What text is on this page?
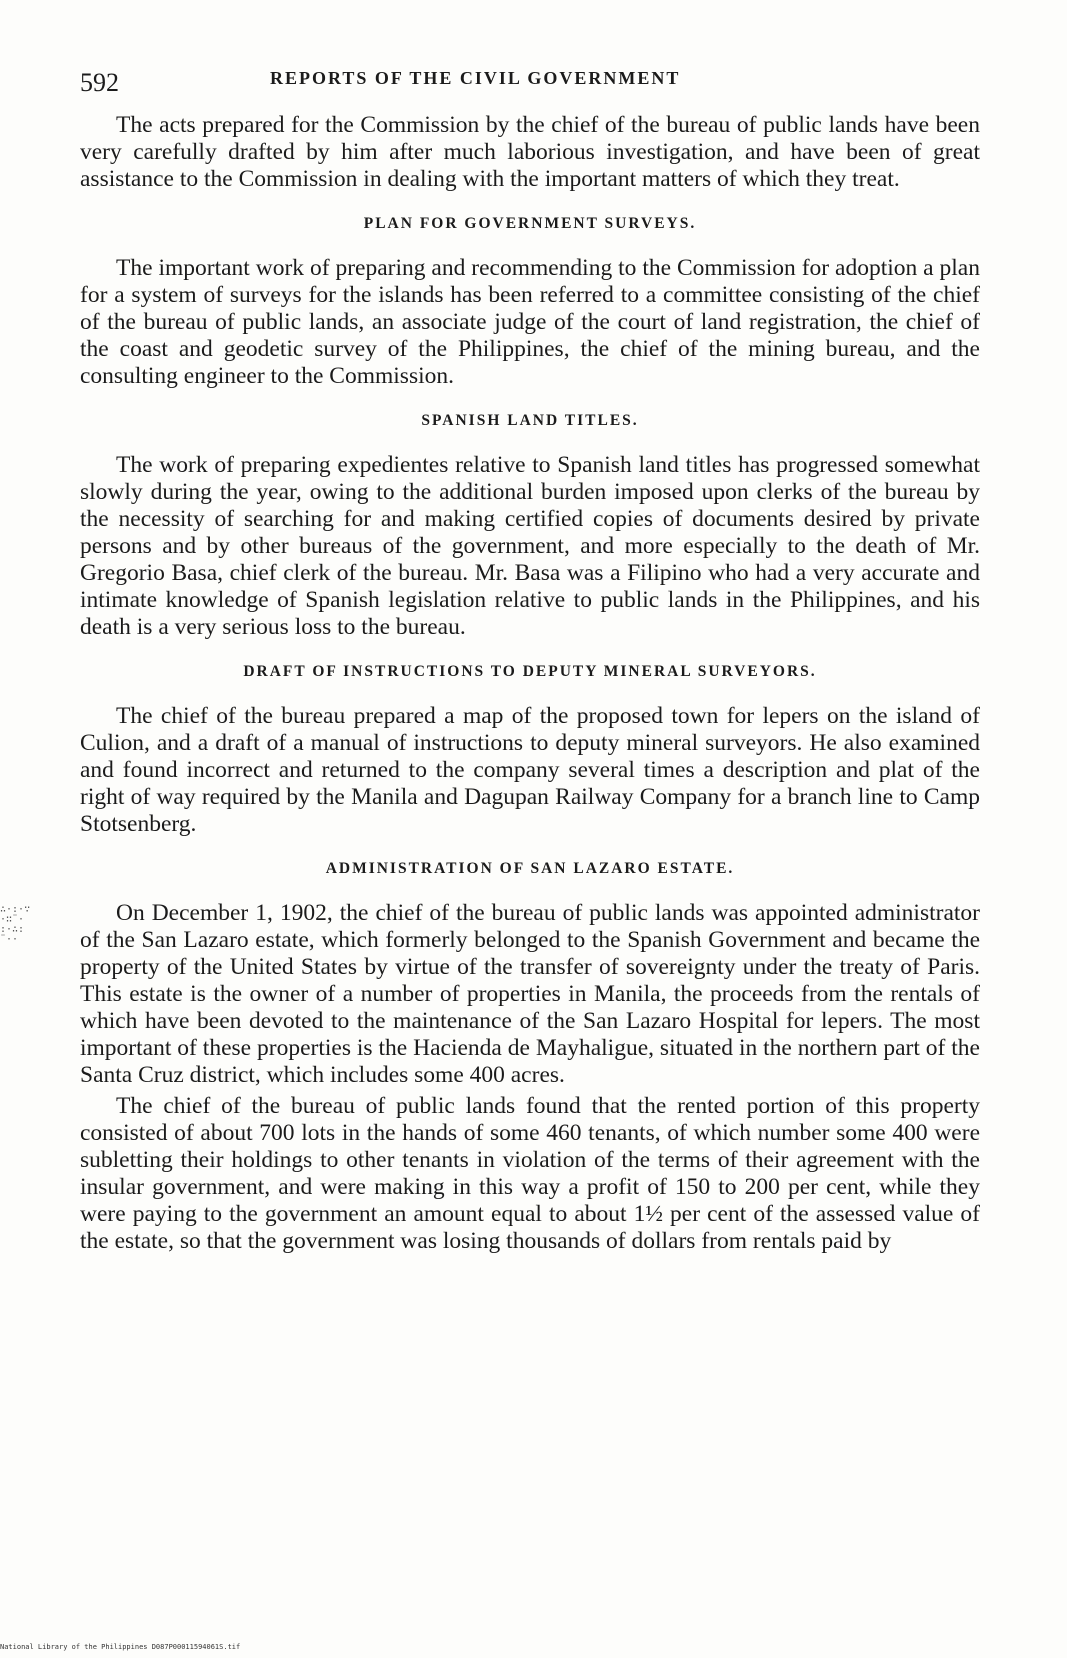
592	REPORTS OF THE CIVIL GOVERNMENT
∴·:·∵
·∷¨·
:·∴:
¨··

The acts prepared for the Commission by the chief of the bureau of public lands have been very carefully drafted by him after much laborious investigation, and have been of great assistance to the Commission in dealing with the important matters of which they treat.

PLAN FOR GOVERNMENT SURVEYS.

The important work of preparing and recommending to the Commission for adoption a plan for a system of surveys for the islands has been referred to a committee consisting of the chief of the bureau of public lands, an associate judge of the court of land registration, the chief of the coast and geodetic survey of the Philippines, the chief of the mining bureau, and the consulting engineer to the Commission.

SPANISH LAND TITLES.

The work of preparing expedientes relative to Spanish land titles has progressed somewhat slowly during the year, owing to the additional burden imposed upon clerks of the bureau by the necessity of searching for and making certified copies of documents desired by private persons and by other bureaus of the government, and more especially to the death of Mr. Gregorio Basa, chief clerk of the bureau. Mr. Basa was a Filipino who had a very accurate and intimate knowledge of Spanish legislation relative to public lands in the Philippines, and his death is a very serious loss to the bureau.

DRAFT OF INSTRUCTIONS TO DEPUTY MINERAL SURVEYORS.

The chief of the bureau prepared a map of the proposed town for lepers on the island of Culion, and a draft of a manual of instructions to deputy mineral surveyors. He also examined and found incorrect and returned to the company several times a description and plat of the right of way required by the Manila and Dagupan Railway Company for a branch line to Camp Stotsenberg.

ADMINISTRATION OF SAN LAZARO ESTATE.

On December 1, 1902, the chief of the bureau of public lands was appointed administrator of the San Lazaro estate, which formerly belonged to the Spanish Government and became the property of the United States by virtue of the transfer of sovereignty under the treaty of Paris. This estate is the owner of a number of properties in Manila, the proceeds from the rentals of which have been devoted to the maintenance of the San Lazaro Hospital for lepers. The most important of these properties is the Hacienda de Mayhaligue, situated in the northern part of the Santa Cruz district, which includes some 400 acres.

The chief of the bureau of public lands found that the rented portion of this property consisted of about 700 lots in the hands of some 460 tenants, of which number some 400 were subletting their holdings to other tenants in violation of the terms of their agreement with the insular government, and were making in this way a profit of 150 to 200 per cent, while they were paying to the government an amount equal to about 1½ per cent of the assessed value of the estate, so that the government was losing thousands of dollars from rentals paid by

National Library of the Philippines D087P00011594061S.tif
